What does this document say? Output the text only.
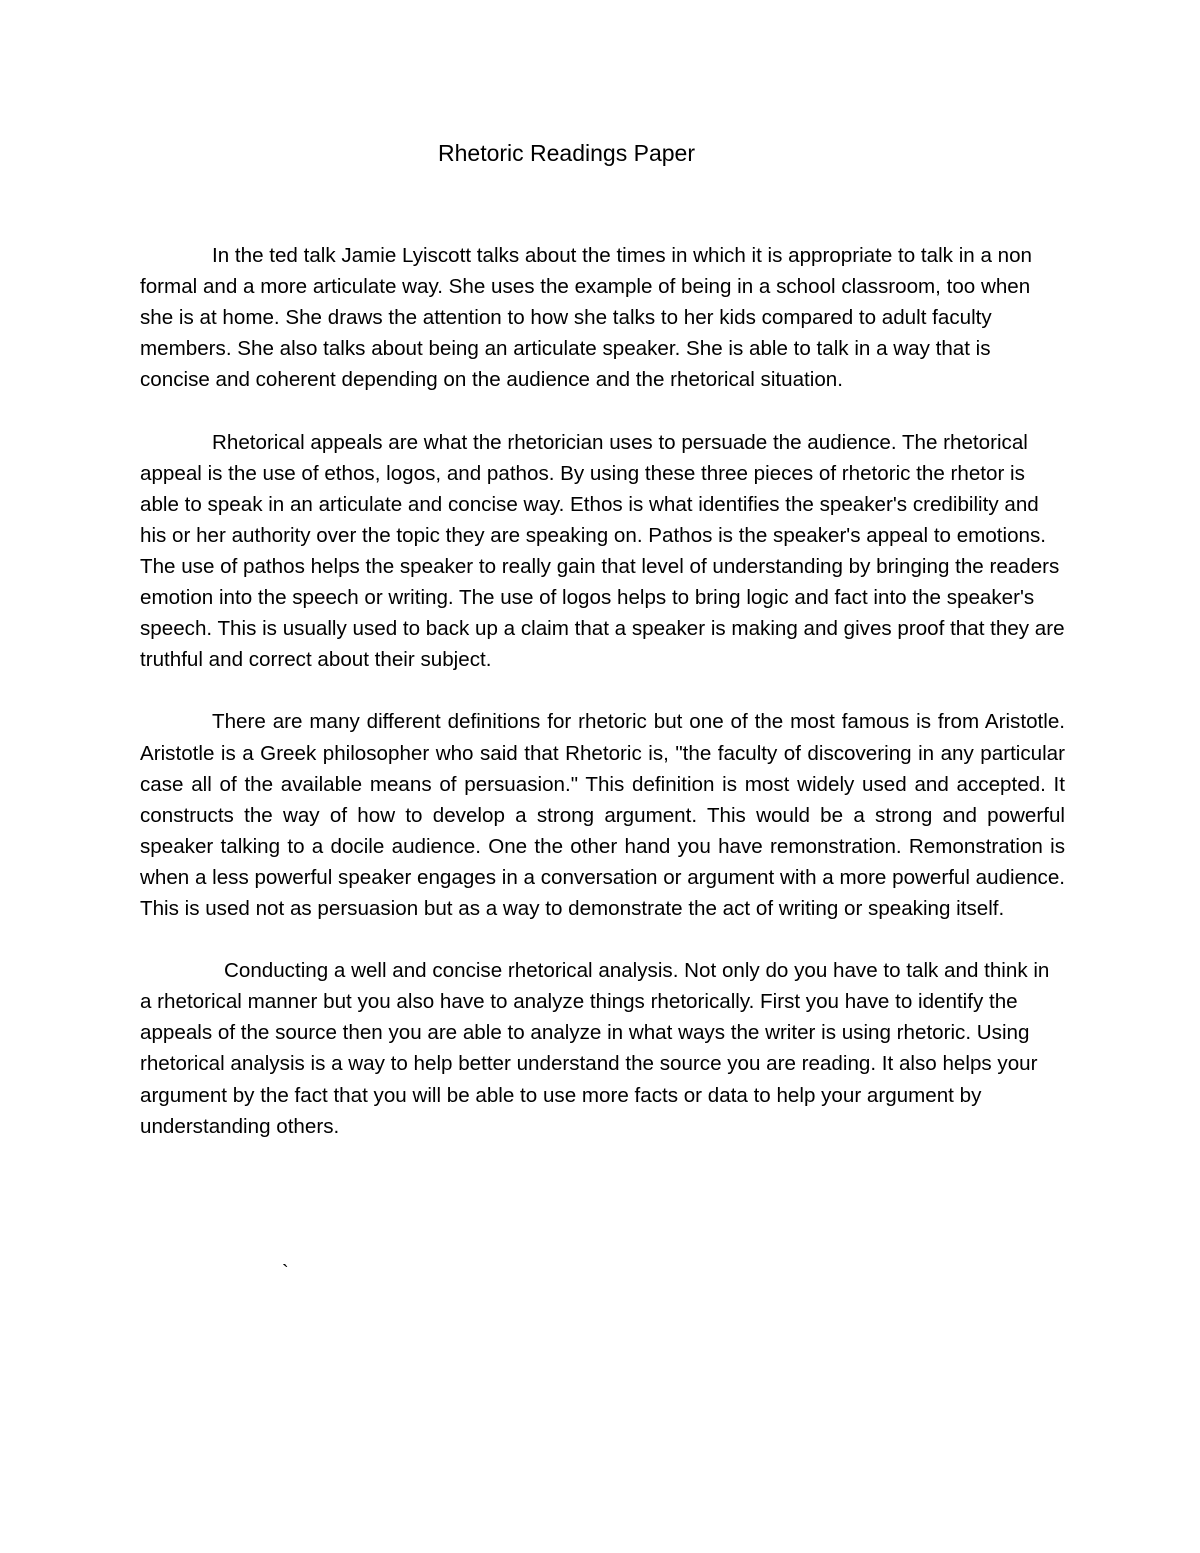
Rhetoric Readings Paper

In the ted talk Jamie Lyiscott talks about the times in which it is appropriate to talk in a non formal and a more articulate way. She uses the example of being in a school classroom, too when she is at home. She draws the attention to how she talks to her kids compared to adult faculty members. She also talks about being an articulate speaker. She is able to talk in a way that is concise and coherent depending on the audience and the rhetorical situation.

Rhetorical appeals are what the rhetorician uses to persuade the audience. The rhetorical appeal is the use of ethos, logos, and pathos. By using these three pieces of rhetoric the rhetor is able to speak in an articulate and concise way. Ethos is what identifies the speaker's credibility and his or her authority over the topic they are speaking on. Pathos is the speaker's appeal to emotions. The use of pathos helps the speaker to really gain that level of understanding by bringing the readers emotion into the speech or writing. The use of logos helps to bring logic and fact into the speaker's speech. This is usually used to back up a claim that a speaker is making and gives proof that they are truthful and correct about their subject.

There are many different definitions for rhetoric but one of the most famous is from Aristotle. Aristotle is a Greek philosopher who said that Rhetoric is, "the faculty of discovering in any particular case all of the available means of persuasion." This definition is most widely used and accepted. It constructs the way of how to develop a strong argument. This would be a strong and powerful speaker talking to a docile audience. One the other hand you have remonstration. Remonstration is when a less powerful speaker engages in a conversation or argument with a more powerful audience. This is used not as persuasion but as a way to demonstrate the act of writing or speaking itself.

Conducting a well and concise rhetorical analysis. Not only do you have to talk and think in a rhetorical manner but you also have to analyze things rhetorically. First you have to identify the appeals of the source then you are able to analyze in what ways the writer is using rhetoric. Using rhetorical analysis is a way to help better understand the source you are reading. It also helps your argument by the fact that you will be able to use more facts or data to help your argument by understanding others.

`
